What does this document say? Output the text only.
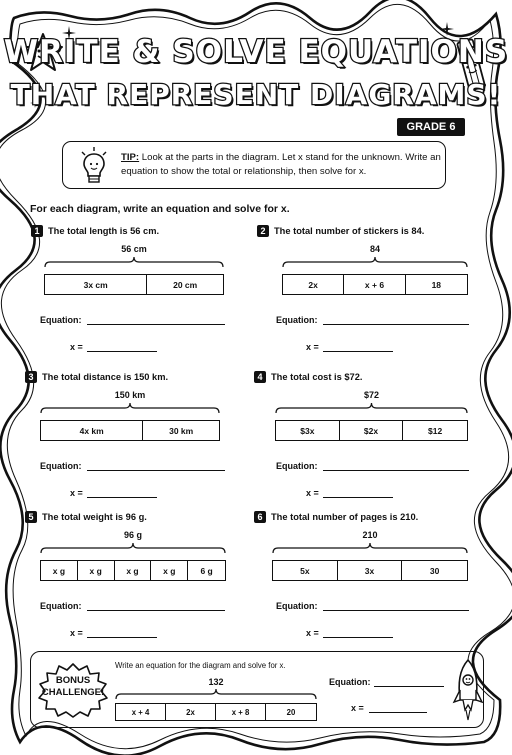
WRITE & SOLVE EQUATIONS
THAT REPRESENT DIAGRAMS!
GRADE 6
TIP: Look at the parts in the diagram. Let x stand for the unknown. Write an equation to show the total or relationship, then solve for x.
For each diagram, write an equation and solve for x.
1 The total length is 56 cm.
56 cm
3x cm	20 cm
Equation:
x =
2 The total number of stickers is 84.
84
2x	x + 6	18
Equation:
x =
3 The total distance is 150 km.
150 km
4x km	30 km
Equation:
x =
4 The total cost is $72.
$72
$3x	$2x	$12
Equation:
x =
5 The total weight is 96 g.
96 g
x g	x g	x g	x g	6 g
Equation:
x =
6 The total number of pages is 210.
210
5x	3x	30
Equation:
x =
BONUS
CHALLENGE!
Write an equation for the diagram and solve for x.
132
x + 4	2x	x + 8	20
Equation:
x =
